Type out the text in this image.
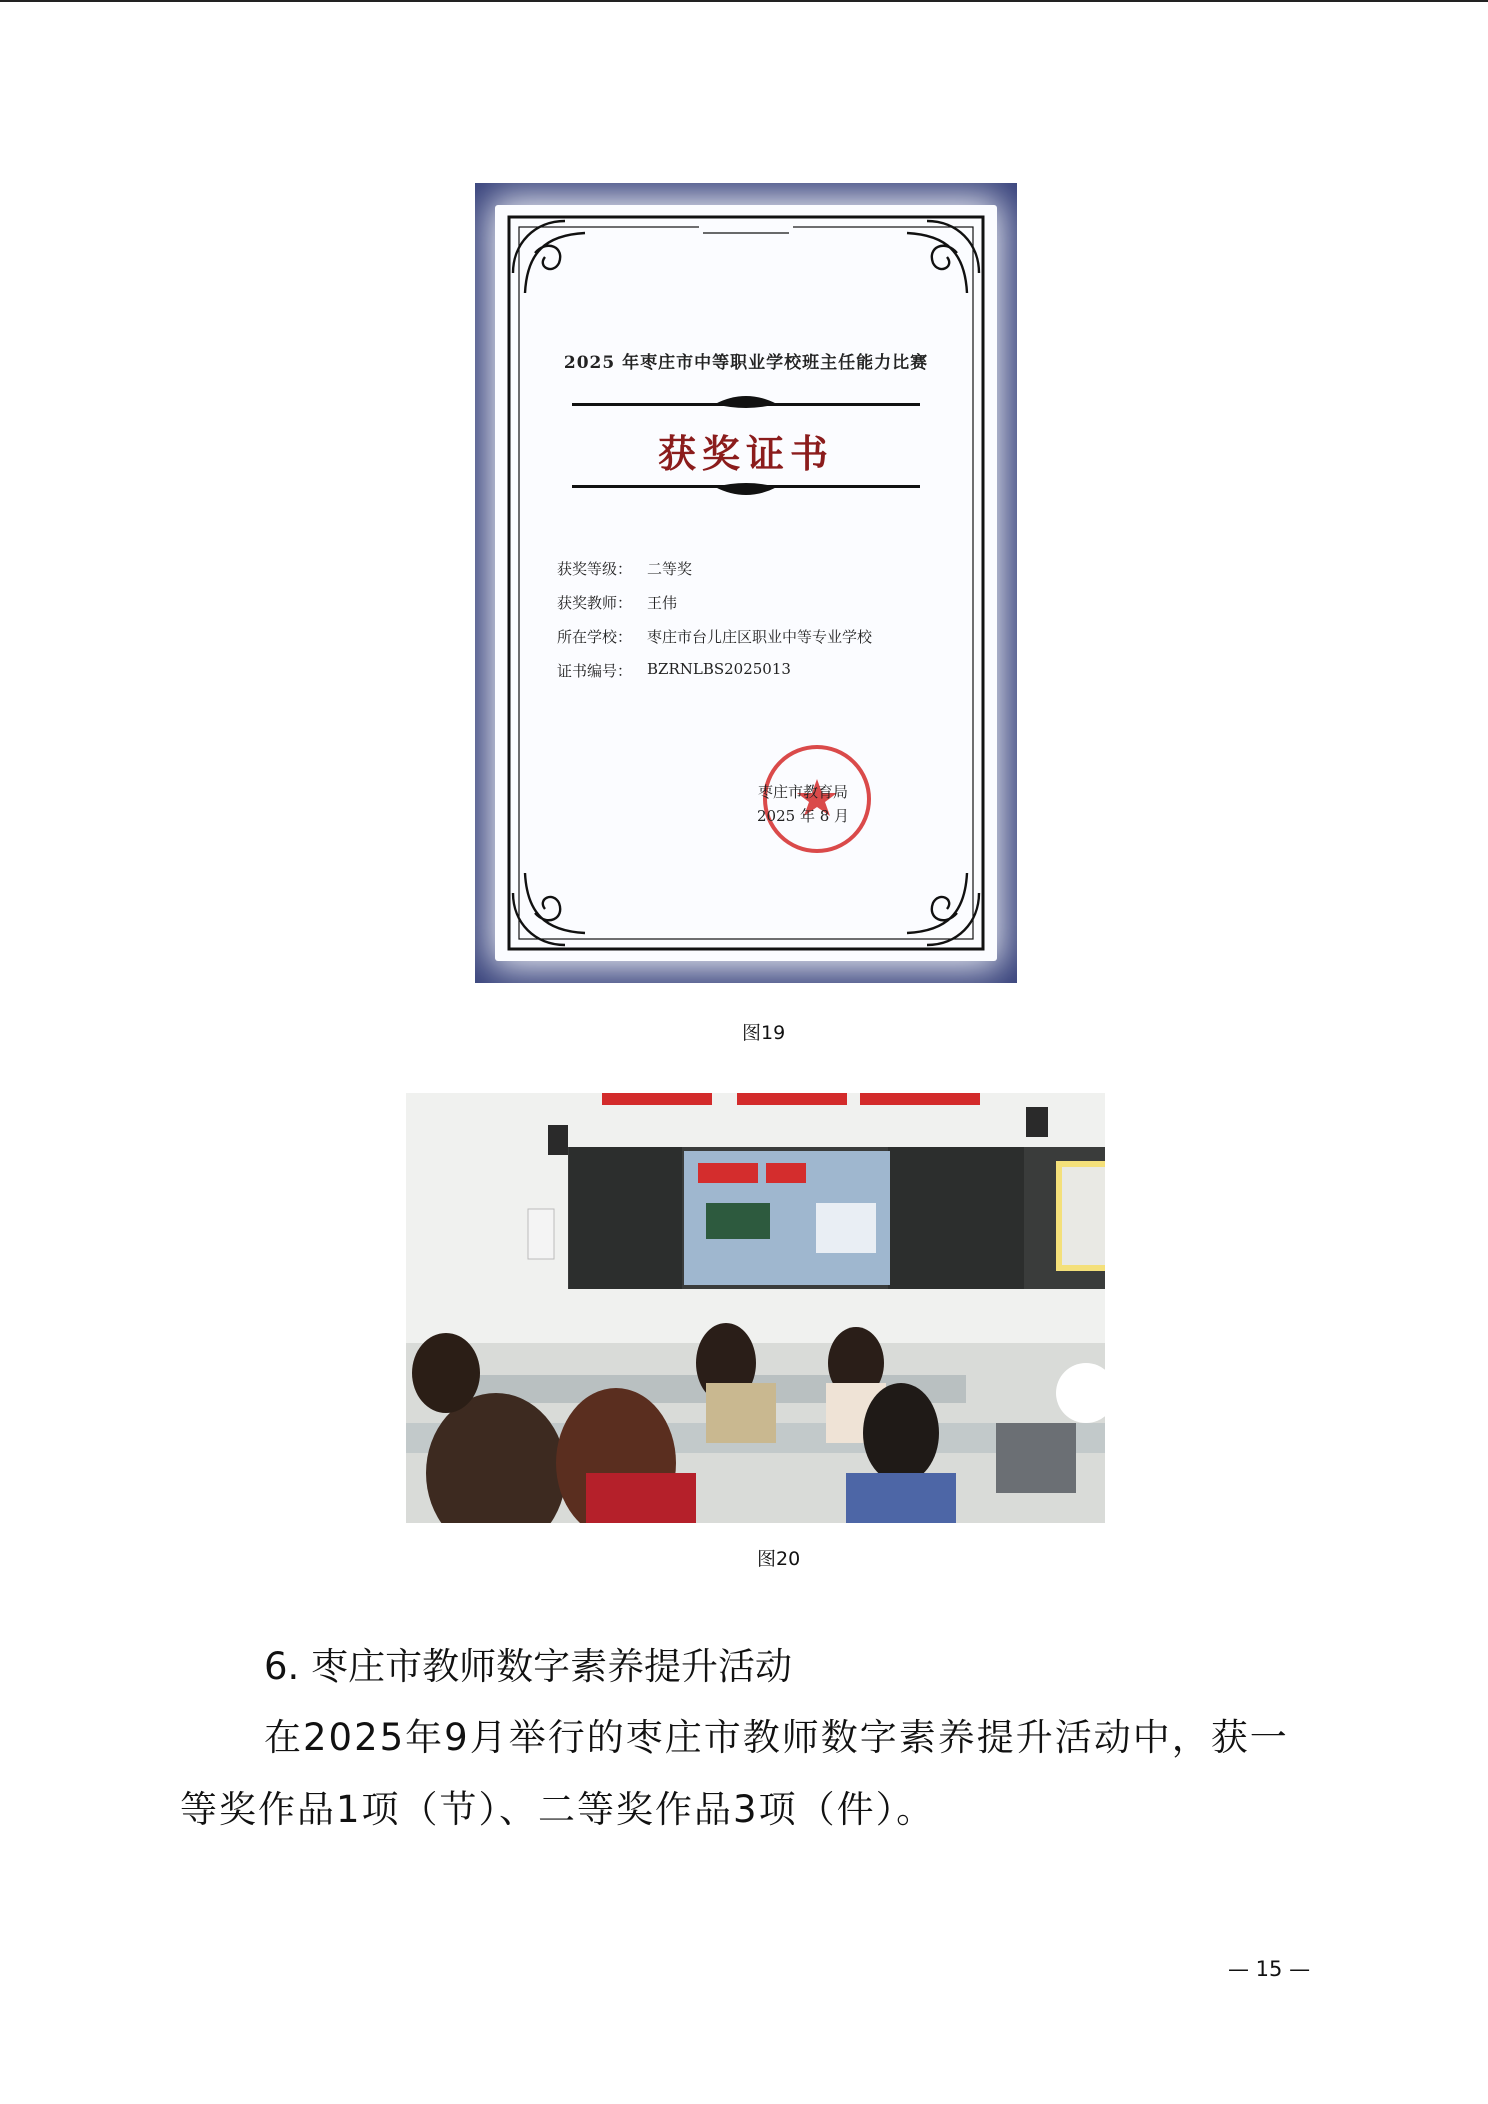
2025 年枣庄市中等职业学校班主任能力比赛
获奖证书
获奖等级： 二等奖
获奖教师： 王伟
所在学校： 枣庄市台儿庄区职业中等专业学校
证书编号： BZRNLBS2025013
枣庄市教育局
2025 年 8 月
图19
图20
6. 枣庄市教师数字素养提升活动
在2025年9月举行的枣庄市教师数字素养提升活动中，获一等奖作品1项（节）、二等奖作品3项（件）。
— 15 —
